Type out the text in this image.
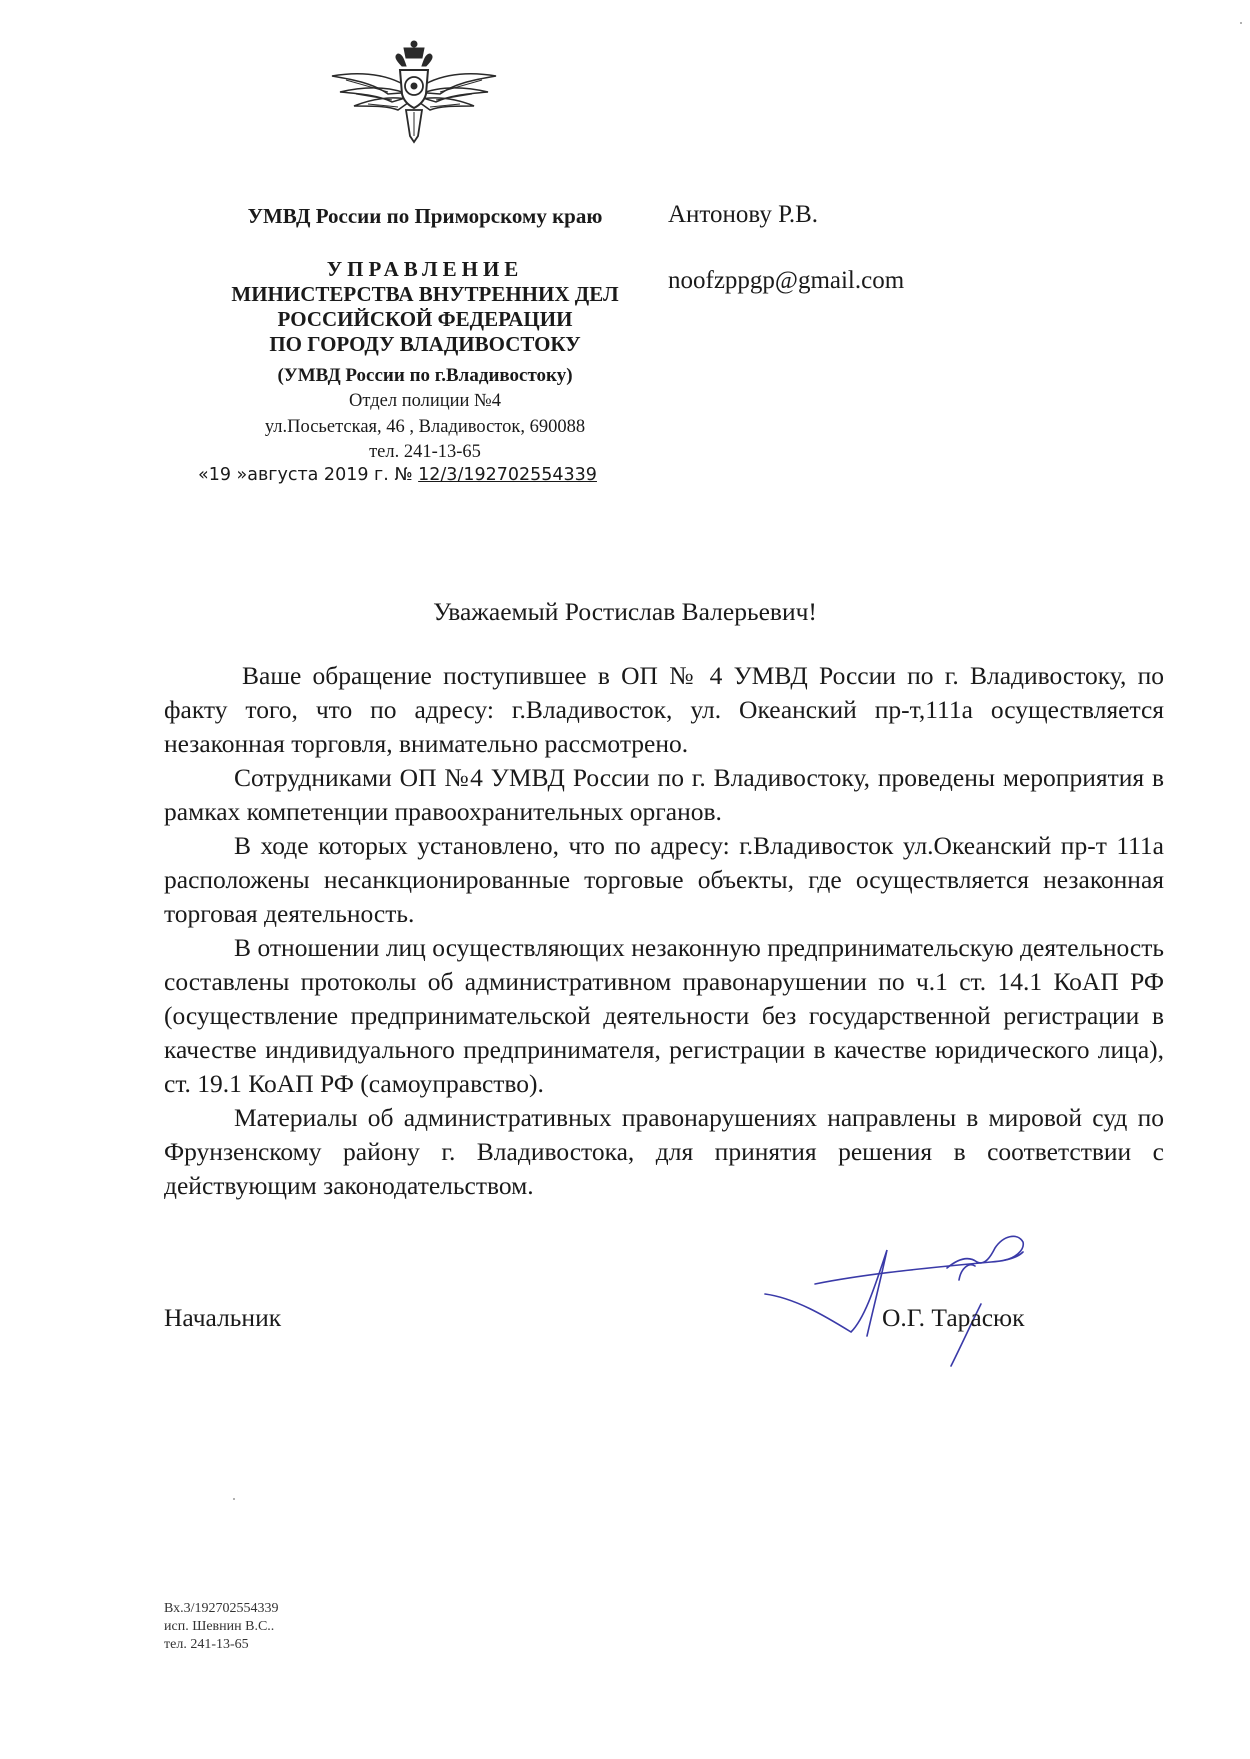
УМВД России по Приморскому краю
УПРАВЛЕНИЕ
МИНИСТЕРСТВА ВНУТРЕННИХ ДЕЛ
РОССИЙСКОЙ ФЕДЕРАЦИИ
ПО ГОРОДУ ВЛАДИВОСТОКУ
(УМВД России по г.Владивостоку)
Отдел полиции №4
ул.Посьетская, 46 , Владивосток, 690088
тел. 241-13-65
«19 »августа 2019 г. № 12/3/192702554339
Антонову Р.В.
noofzppgp@gmail.com
Уважаемый Ростислав Валерьевич!

Ваше обращение поступившее в ОП № 4 УМВД России по г. Владивостоку, по факту того, что по адресу: г.Владивосток, ул. Океанский пр-т,111а осуществляется незаконная торговля, внимательно рассмотрено.

Сотрудниками ОП №4 УМВД России по г. Владивостоку, проведены мероприятия в рамках компетенции правоохранительных органов.

В ходе которых установлено, что по адресу: г.Владивосток ул.Океанский пр-т 111а расположены несанкционированные торговые объекты, где осуществляется незаконная торговая деятельность.

В отношении лиц осуществляющих незаконную предпринимательскую деятельность составлены протоколы об административном правонарушении по ч.1 ст. 14.1 КоАП РФ (осуществление предпринимательской деятельности без государственной регистрации в качестве индивидуального предпринимателя, регистрации в качестве юридического лица), ст. 19.1 КоАП РФ (самоуправство).

Материалы об административных правонарушениях направлены в мировой суд по Фрунзенскому району г. Владивостока, для принятия решения в соответствии с действующим законодательством.

Начальник	О.Г. Тарасюк
Вх.3/192702554339
исп. Шевнин В.С..
тел. 241-13-65
